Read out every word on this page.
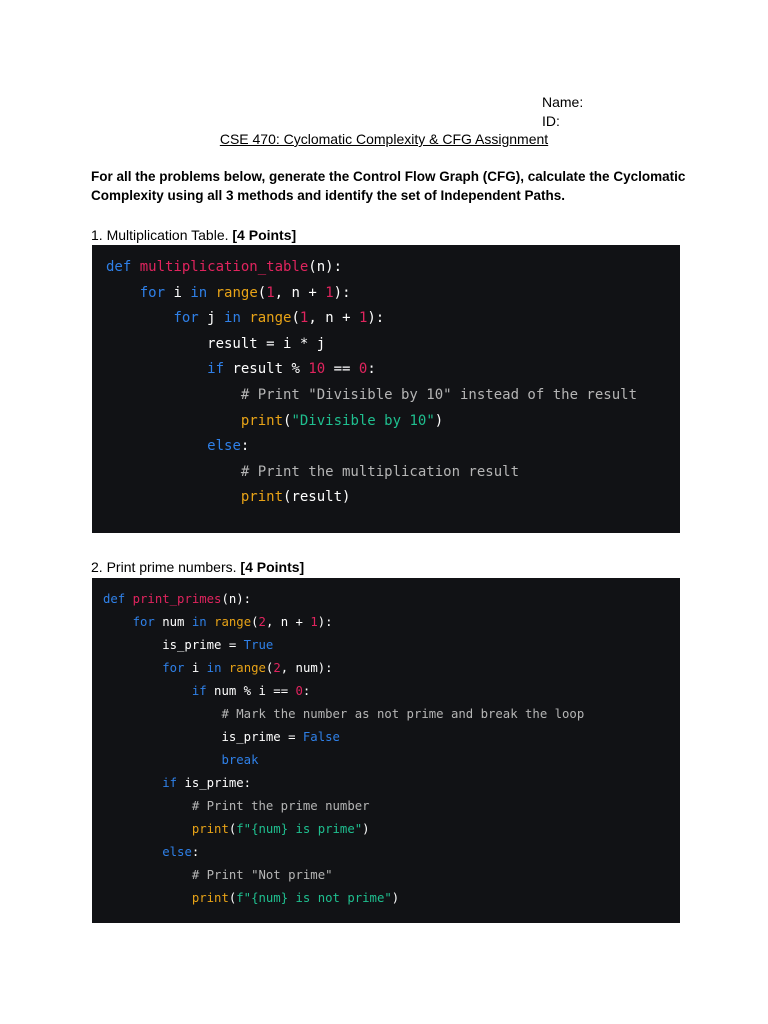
Name:
ID:
CSE 470: Cyclomatic Complexity & CFG Assignment
For all the problems below, generate the Control Flow Graph (CFG), calculate the Cyclomatic Complexity using all 3 methods and identify the set of Independent Paths.
1. Multiplication Table. [4 Points]
def multiplication_table(n):
for i in range(1, n + 1):
for j in range(1, n + 1):
result = i * j
if result % 10 == 0:
# Print "Divisible by 10" instead of the result
print("Divisible by 10")
else:
# Print the multiplication result
print(result)
2. Print prime numbers. [4 Points]
def print_primes(n):
for num in range(2, n + 1):
is_prime = True
for i in range(2, num):
if num % i == 0:
# Mark the number as not prime and break the loop
is_prime = False
break
if is_prime:
# Print the prime number
print(f"{num} is prime")
else:
# Print "Not prime"
print(f"{num} is not prime")
